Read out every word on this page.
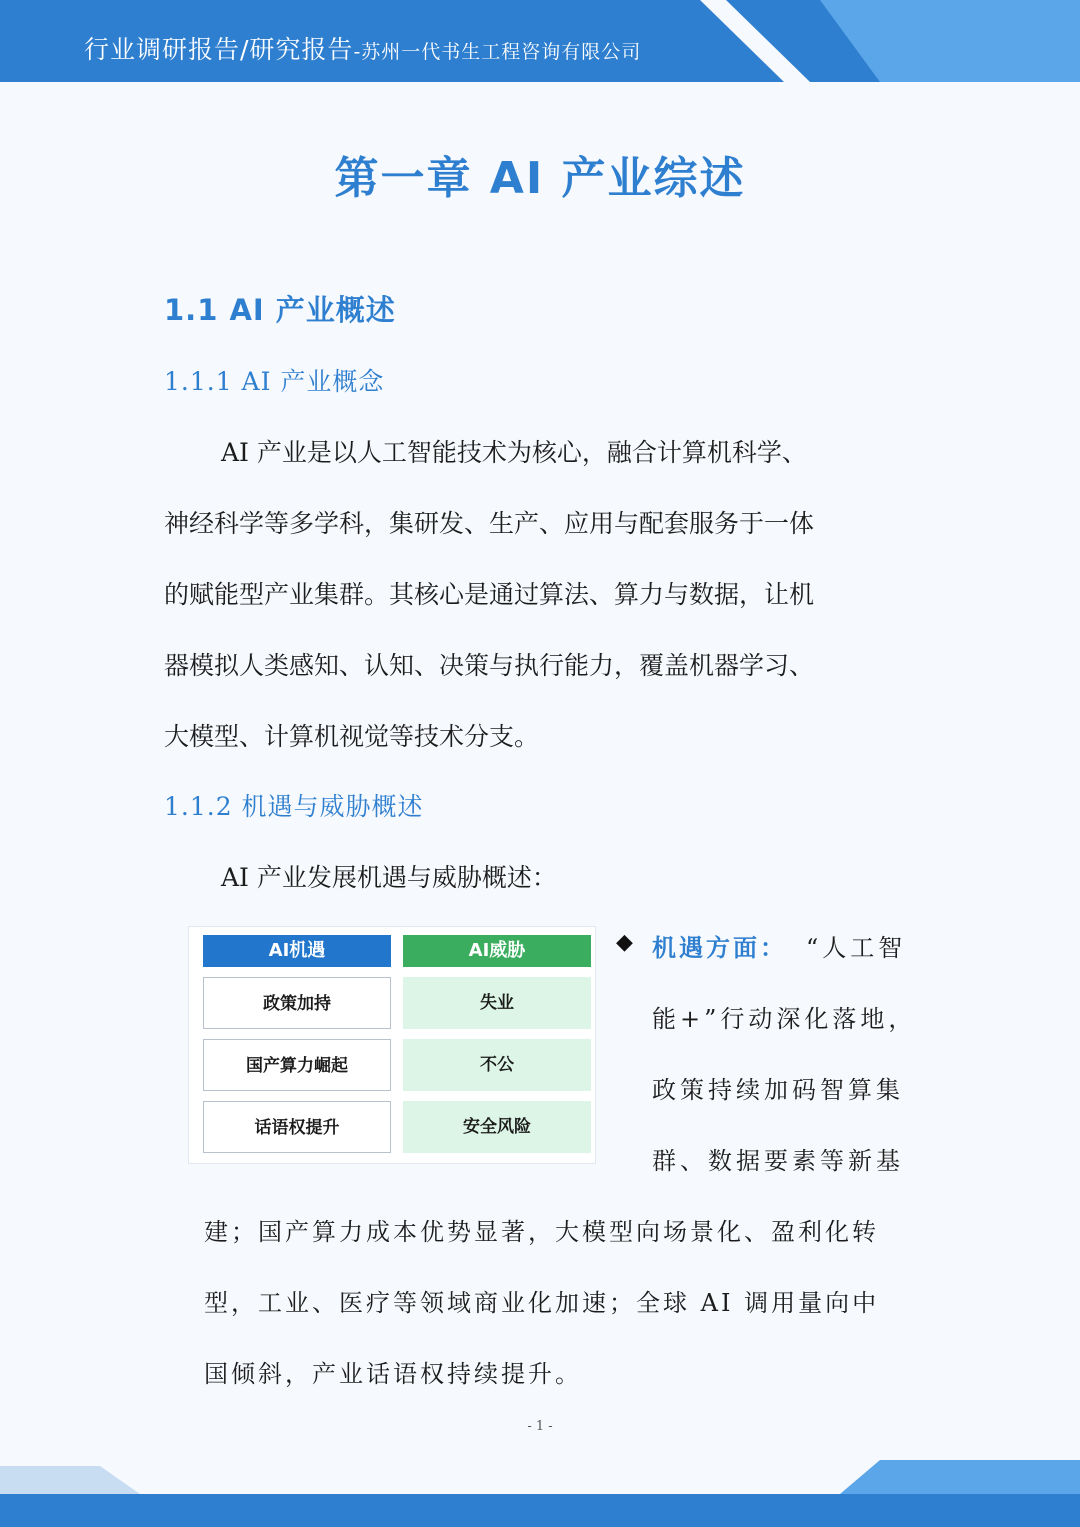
行业调研报告/研究报告-苏州一代书生工程咨询有限公司
第一章 AI 产业综述
1.1 AI 产业概述
1.1.1 AI 产业概念
AI 产业是以人工智能技术为核心，融合计算机科学、
神经科学等多学科，集研发、生产、应用与配套服务于一体
的赋能型产业集群。其核心是通过算法、算力与数据，让机
器模拟人类感知、认知、决策与执行能力，覆盖机器学习、
大模型、计算机视觉等技术分支。
1.1.2 机遇与威胁概述
AI 产业发展机遇与威胁概述：
AI机遇	AI威胁
政策加持	失业
国产算力崛起	不公
话语权提升	安全风险
◆ 机遇方面： “人工智
能+”行动深化落地，
政策持续加码智算集
群、数据要素等新基
建；国产算力成本优势显著，大模型向场景化、盈利化转
型，工业、医疗等领域商业化加速；全球 AI 调用量向中
国倾斜，产业话语权持续提升。
- 1 -
